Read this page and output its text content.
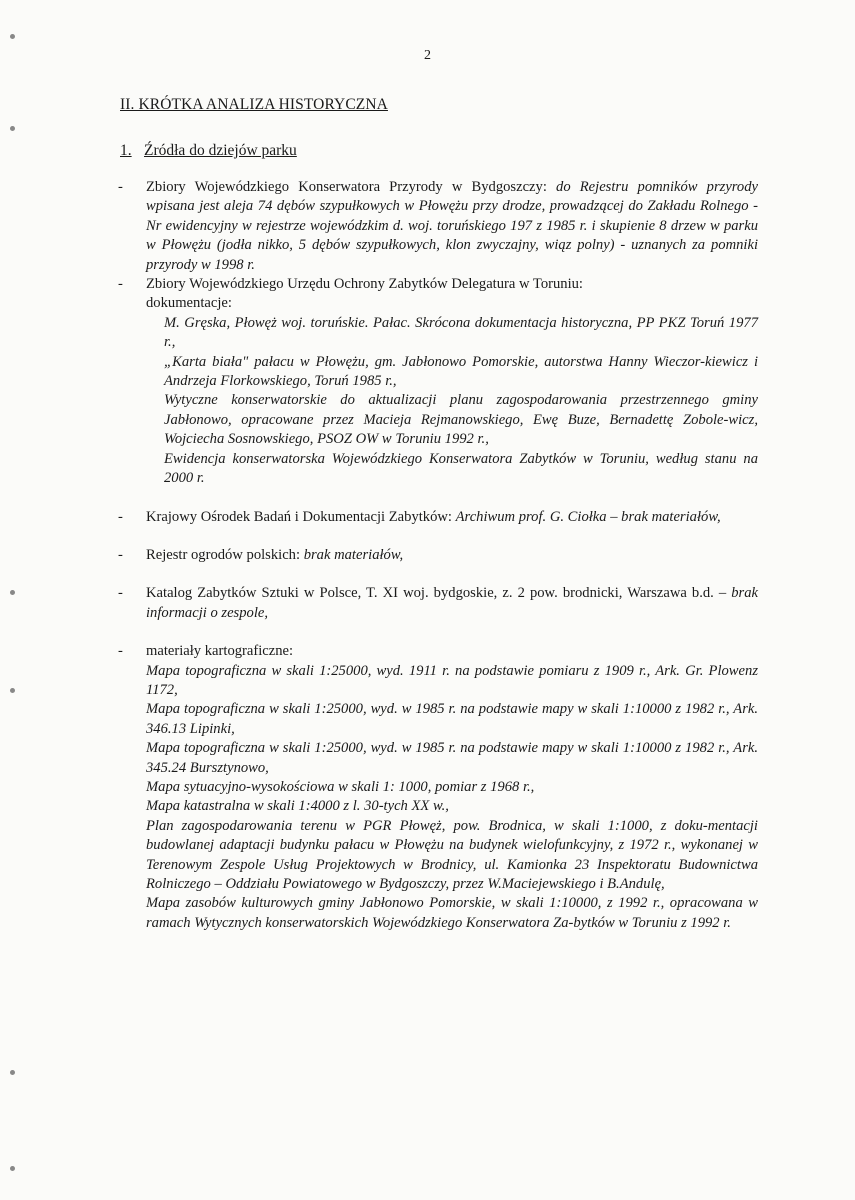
2
II. KRÓTKA ANALIZA HISTORYCZNA
1. Źródła do dziejów parku
- Zbiory Wojewódzkiego Konserwatora Przyrody w Bydgoszczy: do Rejestru pomników przyrody wpisana jest aleja 74 dębów szypułkowych w Płowężu przy drodze, prowadzącej do Zakładu Rolnego - Nr ewidencyjny w rejestrze wojewódzkim d. woj. toruńskiego 197 z 1985 r. i skupienie 8 drzew w parku w Płowężu (jodła nikko, 5 dębów szypułkowych, klon zwyczajny, wiąz polny) - uznanych za pomniki przyrody w 1998 r.
- Zbiory Wojewódzkiego Urzędu Ochrony Zabytków Delegatura w Toruniu:
dokumentacje:
M. Gręska, Płowęż woj. toruńskie. Pałac. Skrócona dokumentacja historyczna, PP PKZ Toruń 1977 r.,
„Karta biała" pałacu w Płowężu, gm. Jabłonowo Pomorskie, autorstwa Hanny Wieczor-kiewicz i Andrzeja Florkowskiego, Toruń 1985 r.,
Wytyczne konserwatorskie do aktualizacji planu zagospodarowania przestrzennego gminy Jabłonowo, opracowane przez Macieja Rejmanowskiego, Ewę Buze, Bernadettę Zobole-wicz, Wojciecha Sosnowskiego, PSOZ OW w Toruniu 1992 r.,
Ewidencja konserwatorska Wojewódzkiego Konserwatora Zabytków w Toruniu, według stanu na 2000 r.
- Krajowy Ośrodek Badań i Dokumentacji Zabytków: Archiwum prof. G. Ciołka – brak materiałów,
- Rejestr ogrodów polskich: brak materiałów,
- Katalog Zabytków Sztuki w Polsce, T. XI woj. bydgoskie, z. 2 pow. brodnicki, Warszawa b.d. – brak informacji o zespole,
- materiały kartograficzne:
Mapa topograficzna w skali 1:25000, wyd. 1911 r. na podstawie pomiaru z 1909 r., Ark. Gr. Plowenz 1172,
Mapa topograficzna w skali 1:25000, wyd. w 1985 r. na podstawie mapy w skali 1:10000 z 1982 r., Ark. 346.13 Lipinki,
Mapa topograficzna w skali 1:25000, wyd. w 1985 r. na podstawie mapy w skali 1:10000 z 1982 r., Ark. 345.24 Bursztynowo,
Mapa sytuacyjno-wysokościowa w skali 1: 1000, pomiar z 1968 r.,
Mapa katastralna w skali 1:4000 z l. 30-tych XX w.,
Plan zagospodarowania terenu w PGR Płowęż, pow. Brodnica, w skali 1:1000, z doku-mentacji budowlanej adaptacji budynku pałacu w Płowężu na budynek wielofunkcyjny, z 1972 r., wykonanej w Terenowym Zespole Usług Projektowych w Brodnicy, ul. Kamionka 23 Inspektoratu Budownictwa Rolniczego – Oddziału Powiatowego w Bydgoszczy, przez W.Maciejewskiego i B.Andulę,
Mapa zasobów kulturowych gminy Jabłonowo Pomorskie, w skali 1:10000, z 1992 r., opracowana w ramach Wytycznych konserwatorskich Wojewódzkiego Konserwatora Za-bytków w Toruniu z 1992 r.
